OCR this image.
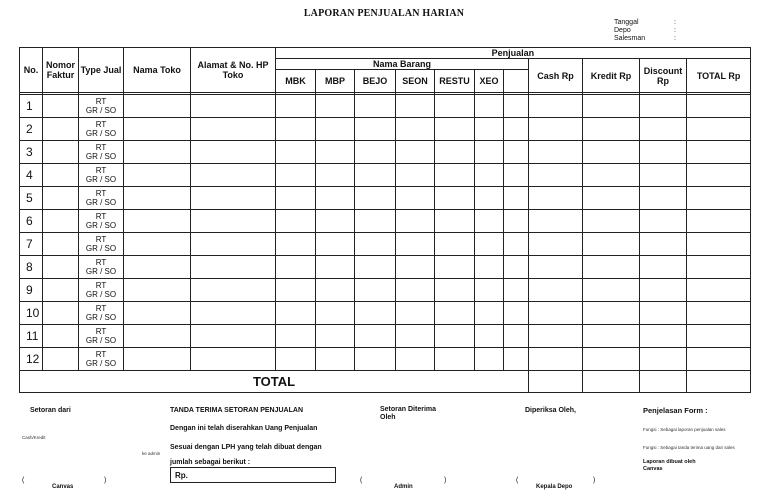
LAPORAN PENJUALAN HARIAN
Tanggal	:
Depo	:
Salesman	:
No.	Nomor Faktur	Type Jual	Nama Toko	Alamat & No. HP Toko	Penjualan										
					Nama Barang							Cash Rp	Kredit Rp	Discount Rp	TOTAL Rp
					MBK	MBP	BEJO	SEON	RESTU	XEO					

1		RT
GR / SO													

2		RT
GR / SO													

3		RT
GR / SO													

4		RT
GR / SO													

5		RT
GR / SO													

6		RT
GR / SO													

7		RT
GR / SO													

8		RT
GR / SO													

9		RT
GR / SO													

10		RT
GR / SO													

11		RT
GR / SO													

12		RT
GR / SO													

TOTAL															
Setoran dari
Cash/Kredit
(
Canvas
)
ke admin
TANDA TERIMA SETORAN PENJUALAN
Dengan ini telah diserahkan Uang Penjualan
Sesuai dengan LPH yang telah dibuat dengan
jumlah sebagai berikut :
Rp.
Setoran Diterima Oleh
(
Admin
)
Diperiksa Oleh,
(
Kepala Depo
)
Penjelasan Form :
Fungsi : Sebagai laporan penjualan sales
Fungsi : Sebagai tanda terima uang dari sales
Laporan dibuat oleh Canvas
